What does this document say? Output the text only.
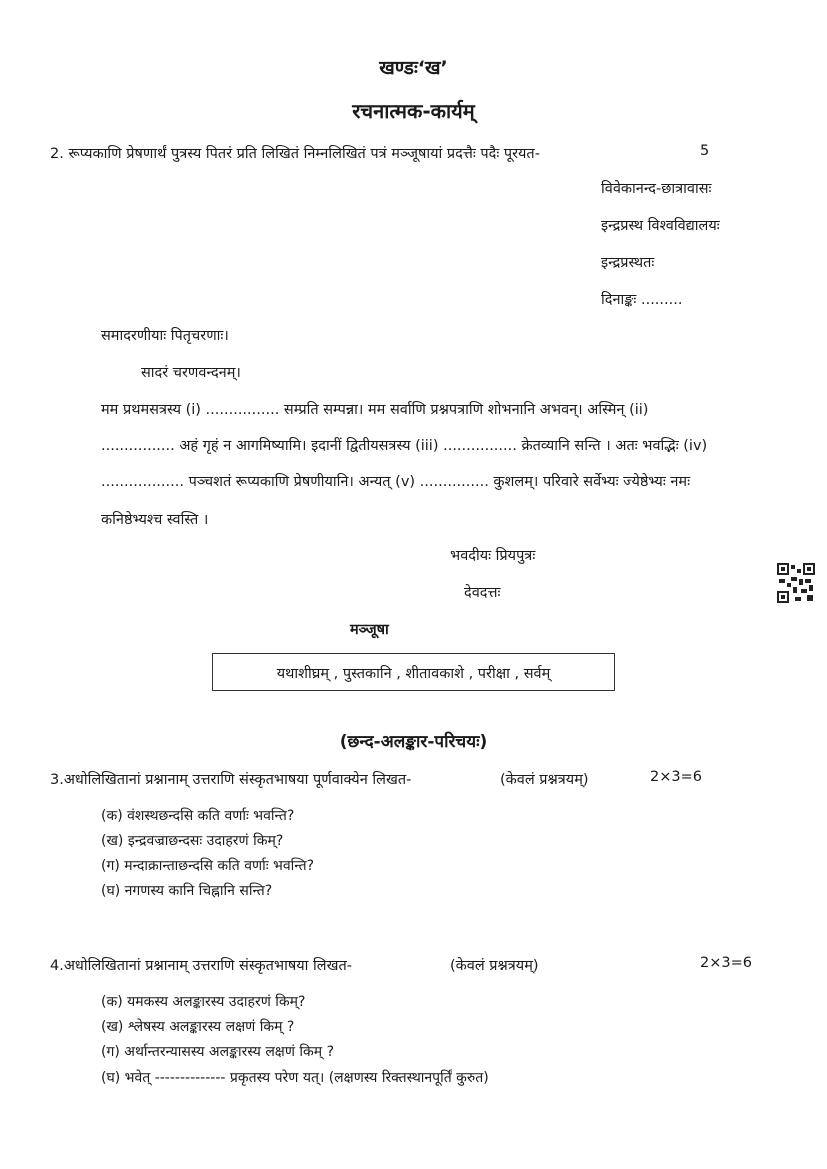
खण्डः‘ख’
रचनात्मक-कार्यम्
2. रूप्यकाणि प्रेषणार्थं पुत्रस्य पितरं प्रति लिखितं निम्नलिखितं पत्रं मञ्जूषायां प्रदत्तैः पदैः पूरयत-	5
विवेकानन्द-छात्रावासः
इन्द्रप्रस्थ विश्वविद्यालयः
इन्द्रप्रस्थतः
दिनाङ्कः .........
समादरणीयाः पितृचरणाः।
सादरं चरणवन्दनम्।
मम प्रथमसत्रस्य (i) ................ सम्प्रति सम्पन्ना। मम सर्वाणि प्रश्नपत्राणि शोभनानि अभवन्। अस्मिन् (ii)
................ अहं गृहं न आगमिष्यामि। इदानीं द्वितीयसत्रस्य (iii) ................ क्रेतव्यानि सन्ति । अतः भवद्भिः (iv)
.................. पञ्चशतं रूप्यकाणि प्रेषणीयानि। अन्यत् (v) ............... कुशलम्। परिवारे सर्वेभ्यः ज्येष्ठेभ्यः नमः
कनिष्ठेभ्यश्च स्वस्ति ।
भवदीयः प्रियपुत्रः
देवदत्तः
मञ्जूषा
यथाशीघ्रम् , पुस्तकानि , शीतावकाशे , परीक्षा , सर्वम्
(छन्द-अलङ्कार-परिचयः)
3.अधोलिखितानां प्रश्नानाम् उत्तराणि संस्कृतभाषया पूर्णवाक्येन लिखत-	(केवलं प्रश्नत्रयम्)	2×3=6
(क) वंशस्थछन्दसि कति वर्णाः भवन्ति?
(ख) इन्द्रवज्राछन्दसः उदाहरणं किम्?
(ग) मन्दाक्रान्ताछन्दसि कति वर्णाः भवन्ति?
(घ) नगणस्य कानि चिह्नानि सन्ति?
4.अधोलिखितानां प्रश्नानाम् उत्तराणि संस्कृतभाषया लिखत-	(केवलं प्रश्नत्रयम्)	2×3=6
(क) यमकस्य अलङ्कारस्य उदाहरणं किम्?
(ख) श्लेषस्य अलङ्कारस्य लक्षणं किम् ?
(ग) अर्थान्तरन्यासस्य अलङ्कारस्य लक्षणं किम् ?
(घ) भवेत् -------------- प्रकृतस्य परेण यत्। (लक्षणस्य रिक्तस्थानपूर्तिं कुरुत)
